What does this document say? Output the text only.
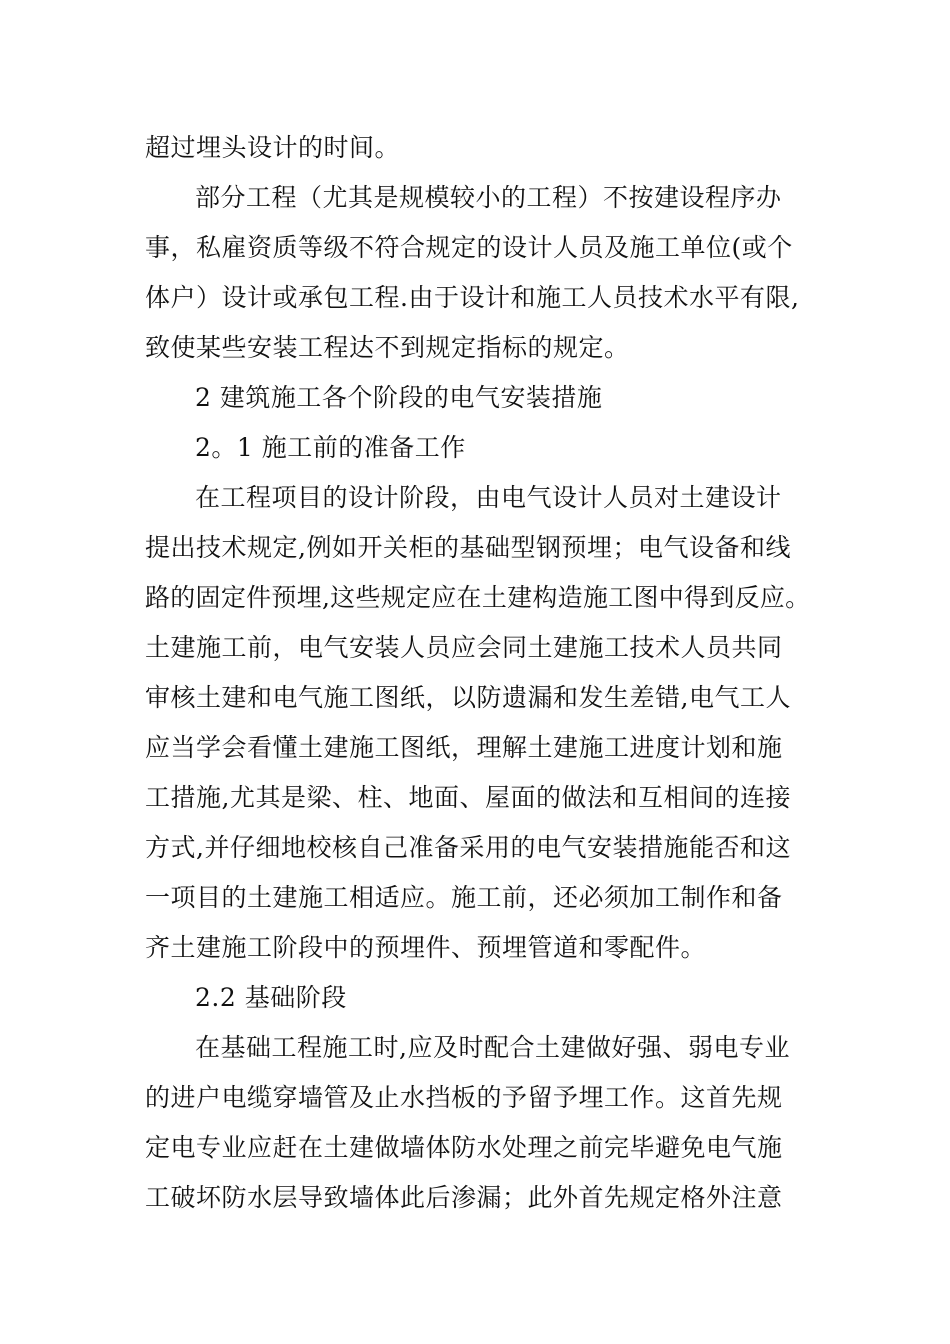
超过埋头设计的时间。
部分工程（尤其是规模较小的工程）不按建设程序办
事，私雇资质等级不符合规定的设计人员及施工单位(或个
体户）设计或承包工程.由于设计和施工人员技术水平有限,
致使某些安装工程达不到规定指标的规定。
2 建筑施工各个阶段的电气安装措施
2。1 施工前的准备工作
在工程项目的设计阶段，由电气设计人员对土建设计
提出技术规定,例如开关柜的基础型钢预埋；电气设备和线
路的固定件预埋,这些规定应在土建构造施工图中得到反应。
土建施工前，电气安装人员应会同土建施工技术人员共同
审核土建和电气施工图纸，以防遗漏和发生差错,电气工人
应当学会看懂土建施工图纸，理解土建施工进度计划和施
工措施,尤其是梁、柱、地面、屋面的做法和互相间的连接
方式,并仔细地校核自己准备采用的电气安装措施能否和这
一项目的土建施工相适应。施工前，还必须加工制作和备
齐土建施工阶段中的预埋件、预埋管道和零配件。
2.2 基础阶段
在基础工程施工时,应及时配合土建做好强、弱电专业
的进户电缆穿墙管及止水挡板的予留予埋工作。这首先规
定电专业应赶在土建做墙体防水处理之前完毕避免电气施
工破坏防水层导致墙体此后渗漏；此外首先规定格外注意
